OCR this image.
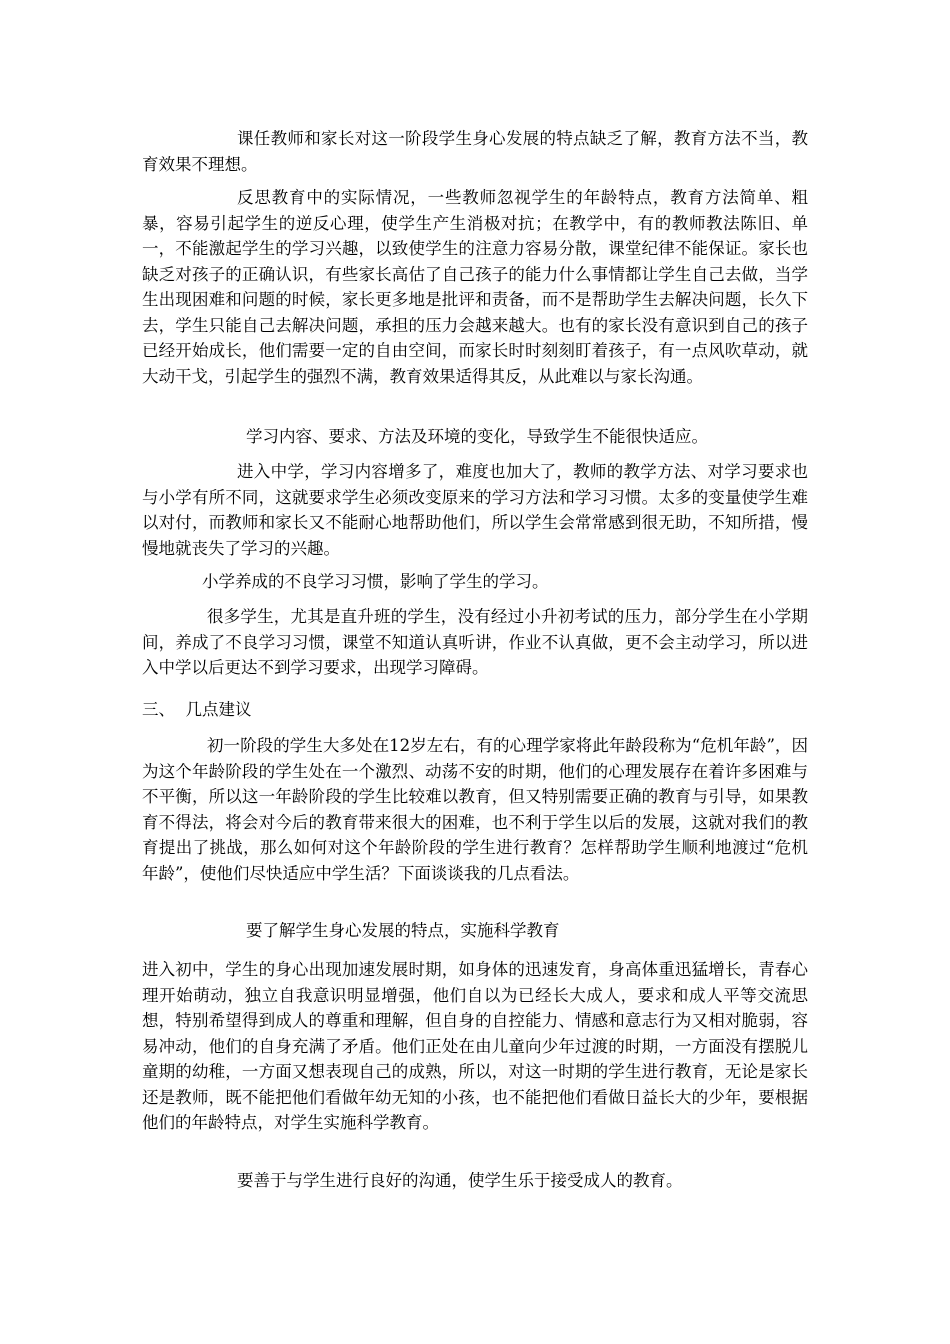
课任教师和家长对这一阶段学生身心发展的特点缺乏了解，教育方法不当，教育效果不理想。

反思教育中的实际情况，一些教师忽视学生的年龄特点，教育方法简单、粗暴，容易引起学生的逆反心理，使学生产生消极对抗；在教学中，有的教师教法陈旧、单一，不能激起学生的学习兴趣，以致使学生的注意力容易分散，课堂纪律不能保证。家长也缺乏对孩子的正确认识，有些家长高估了自己孩子的能力什么事情都让学生自己去做，当学生出现困难和问题的时候，家长更多地是批评和责备，而不是帮助学生去解决问题，长久下去，学生只能自己去解决问题，承担的压力会越来越大。也有的家长没有意识到自己的孩子已经开始成长，他们需要一定的自由空间，而家长时时刻刻盯着孩子，有一点风吹草动，就大动干戈，引起学生的强烈不满，教育效果适得其反，从此难以与家长沟通。

学习内容、要求、方法及环境的变化，导致学生不能很快适应。

进入中学，学习内容增多了，难度也加大了，教师的教学方法、对学习要求也与小学有所不同，这就要求学生必须改变原来的学习方法和学习习惯。太多的变量使学生难以对付，而教师和家长又不能耐心地帮助他们，所以学生会常常感到很无助，不知所措，慢慢地就丧失了学习的兴趣。

小学养成的不良学习习惯，影响了学生的学习。

很多学生，尤其是直升班的学生，没有经过小升初考试的压力，部分学生在小学期间，养成了不良学习习惯，课堂不知道认真听讲，作业不认真做，更不会主动学习，所以进入中学以后更达不到学习要求，出现学习障碍。

三、  几点建议

初一阶段的学生大多处在12岁左右，有的心理学家将此年龄段称为“危机年龄”，因为这个年龄阶段的学生处在一个激烈、动荡不安的时期，他们的心理发展存在着许多困难与不平衡，所以这一年龄阶段的学生比较难以教育，但又特别需要正确的教育与引导，如果教育不得法，将会对今后的教育带来很大的困难，也不利于学生以后的发展，这就对我们的教育提出了挑战，那么如何对这个年龄阶段的学生进行教育？怎样帮助学生顺利地渡过“危机年龄”，使他们尽快适应中学生活？下面谈谈我的几点看法。

要了解学生身心发展的特点，实施科学教育

进入初中，学生的身心出现加速发展时期，如身体的迅速发育，身高体重迅猛增长，青春心理开始萌动，独立自我意识明显增强，他们自以为已经长大成人，要求和成人平等交流思想，特别希望得到成人的尊重和理解，但自身的自控能力、情感和意志行为又相对脆弱，容易冲动，他们的自身充满了矛盾。他们正处在由儿童向少年过渡的时期，一方面没有摆脱儿童期的幼稚，一方面又想表现自己的成熟，所以，对这一时期的学生进行教育，无论是家长还是教师，既不能把他们看做年幼无知的小孩，也不能把他们看做日益长大的少年，要根据他们的年龄特点，对学生实施科学教育。

要善于与学生进行良好的沟通，使学生乐于接受成人的教育。
